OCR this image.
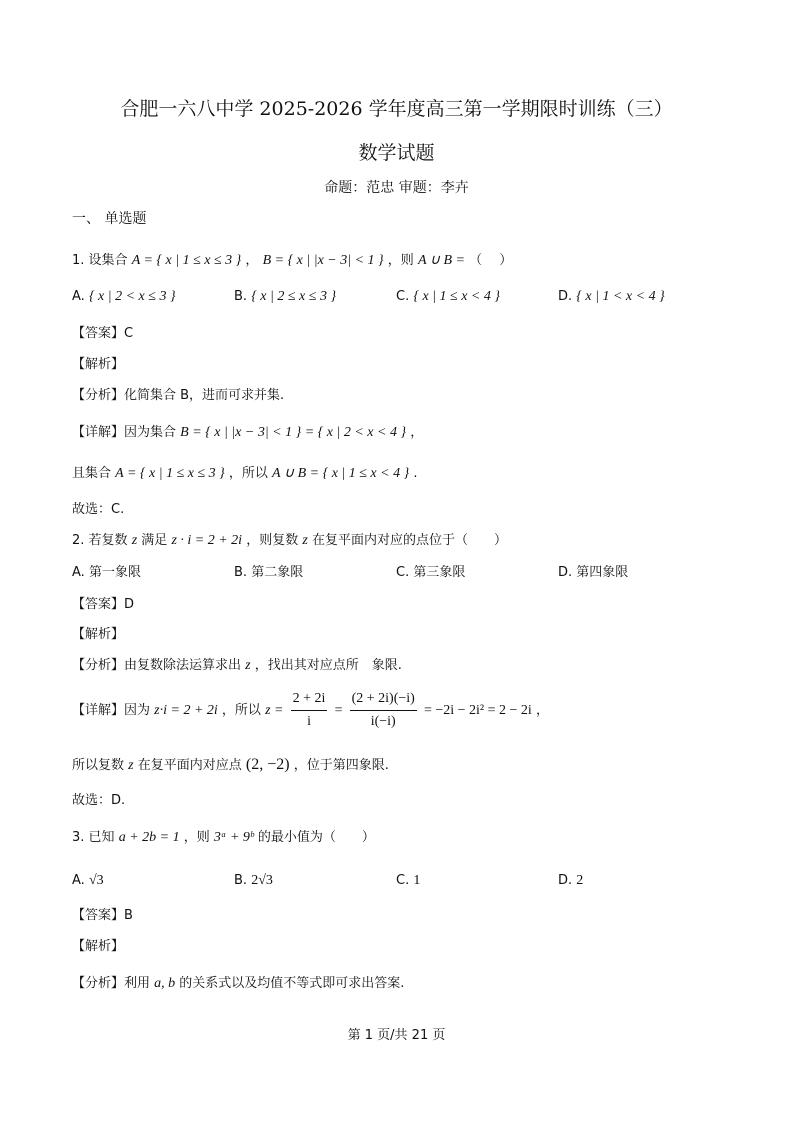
合肥一六八中学 2025-2026 学年度高三第一学期限时训练（三）
数学试题
命题：范忠 审题：李卉
一、 单选题
1. 设集合 A = { x | 1 ≤ x ≤ 3 } ， B = { x | |x − 3| < 1 } ，则 A ∪ B = （　 ）
A. { x | 2 < x ≤ 3 }	B. { x | 2 ≤ x ≤ 3 }	C. { x | 1 ≤ x < 4 }	D. { x | 1 < x < 4 }
【答案】C
【解析】
【分析】化简集合 B，进而可求并集.
【详解】因为集合 B = { x | |x − 3| < 1 } = { x | 2 < x < 4 } ，
且集合 A = { x | 1 ≤ x ≤ 3 } ，所以 A ∪ B = { x | 1 ≤ x < 4 } .
故选：C.
2. 若复数 z 满足 z · i = 2 + 2i ，则复数 z 在复平面内对应的点位于（　　）
A. 第一象限	B. 第二象限	C. 第三象限	D. 第四象限
【答案】D
【解析】
【分析】由复数除法运算求出 z ，找出其对应点所　象限.
【详解】因为 z·i = 2 + 2i ，所以 $z = \frac{2 + 2i}{i} = \frac{(2 + 2i)(-i)}{i(-i)} = -2i - 2i^2 = 2 - 2i$ ，
所以复数 z 在复平面内对应点 (2, −2) ，位于第四象限.
故选：D.
3. 已知 a + 2b = 1 ，则 3ᵃ + 9ᵇ 的最小值为（　　）
A. √3	B. 2√3	C. 1	D. 2
【答案】B
【解析】
【分析】利用 a, b 的关系式以及均值不等式即可求出答案.
第 1 页/共 21 页
